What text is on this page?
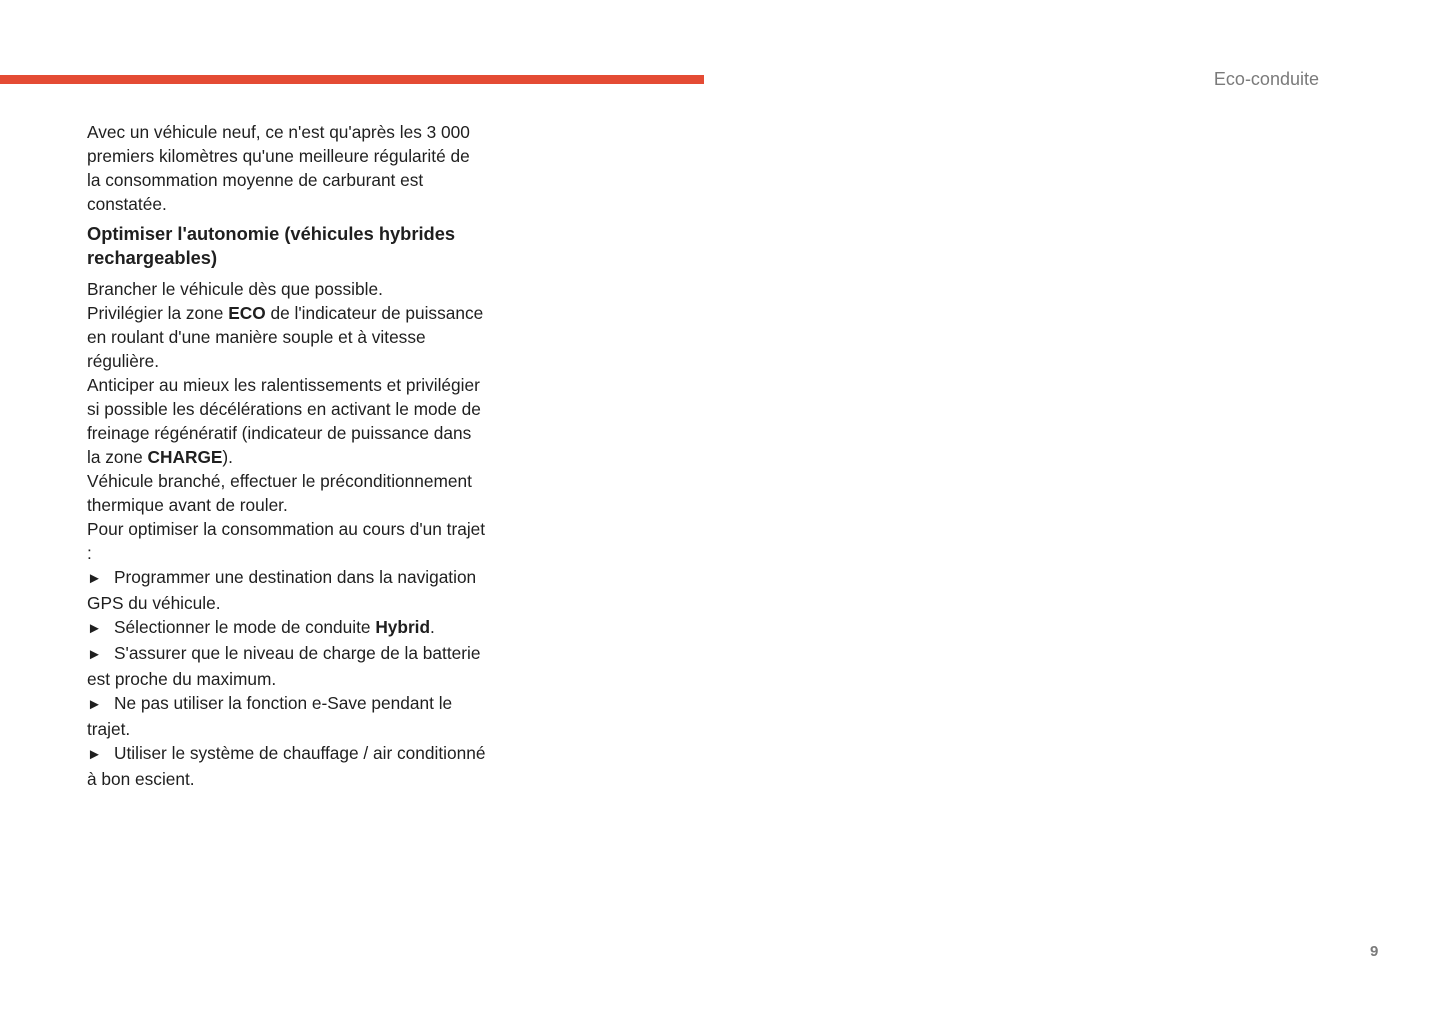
Eco-conduite

Avec un véhicule neuf, ce n'est qu'après les 3 000 premiers kilomètres qu'une meilleure régularité de la consommation moyenne de carburant est constatée.

Optimiser l'autonomie (véhicules hybrides rechargeables)

Brancher le véhicule dès que possible.

Privilégier la zone ECO de l'indicateur de puissance en roulant d'une manière souple et à vitesse régulière.

Anticiper au mieux les ralentissements et privilégier si possible les décélérations en activant le mode de freinage régénératif (indicateur de puissance dans la zone CHARGE).

Véhicule branché, effectuer le préconditionnement thermique avant de rouler.

Pour optimiser la consommation au cours d'un trajet :

► Programmer une destination dans la navigation GPS du véhicule.

► Sélectionner le mode de conduite Hybrid.

► S'assurer que le niveau de charge de la batterie est proche du maximum.

► Ne pas utiliser la fonction e-Save pendant le trajet.

► Utiliser le système de chauffage / air conditionné à bon escient.

9
